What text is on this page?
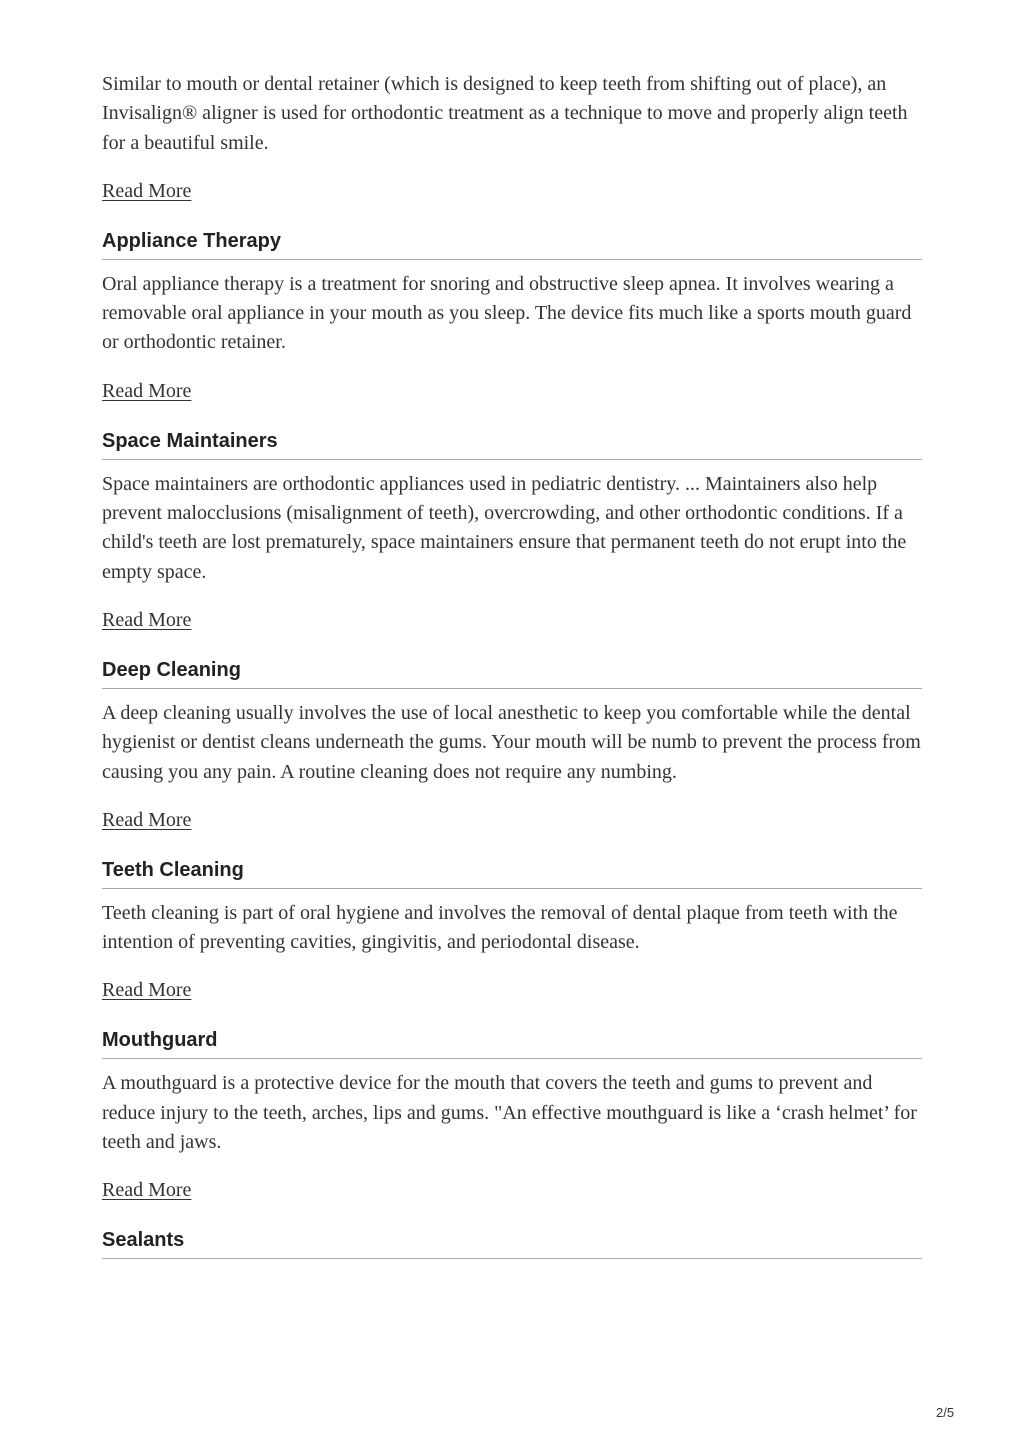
Similar to mouth or dental retainer (which is designed to keep teeth from shifting out of place), an Invisalign® aligner is used for orthodontic treatment as a technique to move and properly align teeth for a beautiful smile.

Read More
Appliance Therapy

Oral appliance therapy is a treatment for snoring and obstructive sleep apnea. It involves wearing a removable oral appliance in your mouth as you sleep. The device fits much like a sports mouth guard or orthodontic retainer.

Read More
Space Maintainers

Space maintainers are orthodontic appliances used in pediatric dentistry. ... Maintainers also help prevent malocclusions (misalignment of teeth), overcrowding, and other orthodontic conditions. If a child's teeth are lost prematurely, space maintainers ensure that permanent teeth do not erupt into the empty space.

Read More
Deep Cleaning

A deep cleaning usually involves the use of local anesthetic to keep you comfortable while the dental hygienist or dentist cleans underneath the gums. Your mouth will be numb to prevent the process from causing you any pain. A routine cleaning does not require any numbing.

Read More
Teeth Cleaning

Teeth cleaning is part of oral hygiene and involves the removal of dental plaque from teeth with the intention of preventing cavities, gingivitis, and periodontal disease.

Read More
Mouthguard

A mouthguard is a protective device for the mouth that covers the teeth and gums to prevent and reduce injury to the teeth, arches, lips and gums. "An effective mouthguard is like a ‘crash helmet’ for teeth and jaws.

Read More
Sealants
2/5
